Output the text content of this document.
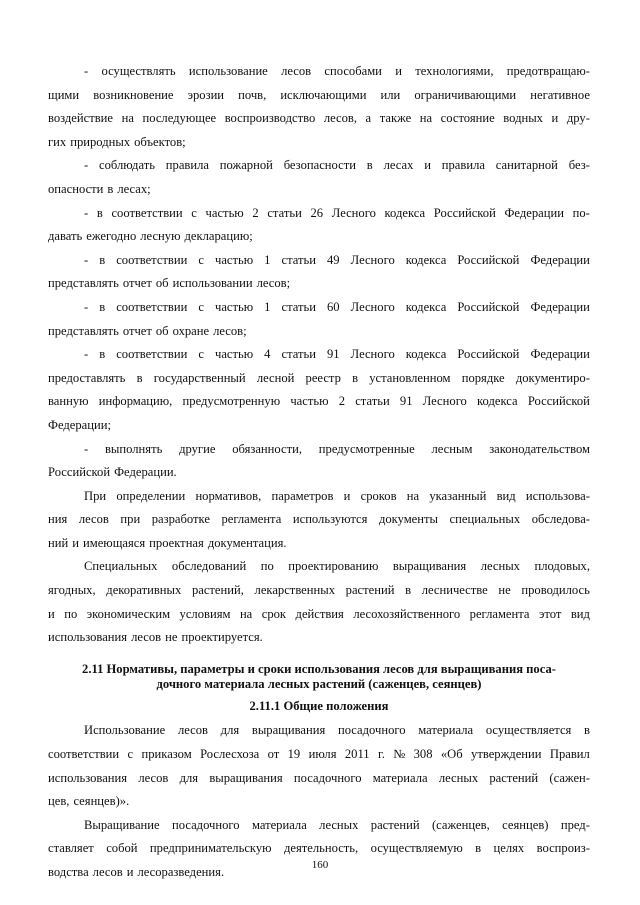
- осуществлять использование лесов способами и технологиями, предотвращаю-
щими возникновение эрозии почв, исключающими или ограничивающими негативное
воздействие на последующее воспроизводство лесов, а также на состояние водных и дру-
гих природных объектов;
- соблюдать правила пожарной безопасности в лесах и правила санитарной без-
опасности в лесах;
- в соответствии с частью 2 статьи 26 Лесного кодекса Российской Федерации по-
давать ежегодно лесную декларацию;
- в соответствии с частью 1 статьи 49 Лесного кодекса Российской Федерации
представлять отчет об использовании лесов;
- в соответствии с частью 1 статьи 60 Лесного кодекса Российской Федерации
представлять отчет об охране лесов;
- в соответствии с частью 4 статьи 91 Лесного кодекса Российской Федерации
предоставлять в государственный лесной реестр в установленном порядке документиро-
ванную информацию, предусмотренную частью 2 статьи 91 Лесного кодекса Российской
Федерации;
- выполнять другие обязанности, предусмотренные лесным законодательством
Российской Федерации.
При определении нормативов, параметров и сроков на указанный вид использова-
ния лесов при разработке регламента используются документы специальных обследова-
ний и имеющаяся проектная документация.
Специальных обследований по проектированию выращивания лесных плодовых,
ягодных, декоративных растений, лекарственных растений в лесничестве не проводилось
и по экономическим условиям на срок действия лесохозяйственного регламента этот вид
использования лесов не проектируется.
2.11 Нормативы, параметры и сроки использования лесов для выращивания поса-
дочного материала лесных растений (саженцев, сеянцев)
2.11.1 Общие положения
Использование лесов для выращивания посадочного материала осуществляется в
соответствии с приказом Рослесхоза от 19 июля 2011 г. № 308 «Об утверждении Правил
использования лесов для выращивания посадочного материала лесных растений (сажен-
цев, сеянцев)».
Выращивание посадочного материала лесных растений (саженцев, сеянцев) пред-
ставляет собой предпринимательскую деятельность, осуществляемую в целях воспроиз-
водства лесов и лесоразведения.	160
